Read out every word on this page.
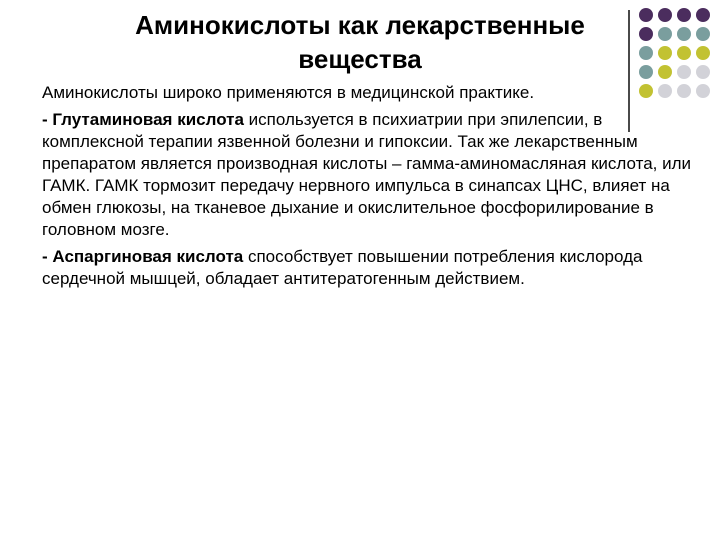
Аминокислоты как лекарственные
вещества

Аминокислоты широко применяются в медицинской практике.

- Глутаминовая кислота используется в психиатрии при эпилепсии, в комплексной терапии язвенной болезни и гипоксии. Так же лекарственным препаратом является производная кислоты – гамма-аминомасляная кислота, или ГАМК. ГАМК тормозит передачу нервного импульса в синапсах ЦНС, влияет на обмен глюкозы, на тканевое дыхание и окислительное фосфорилирование в головном мозге.

- Аспаргиновая кислота способствует повышении потребления кислорода сердечной мышцей, обладает антитератогенным действием.
